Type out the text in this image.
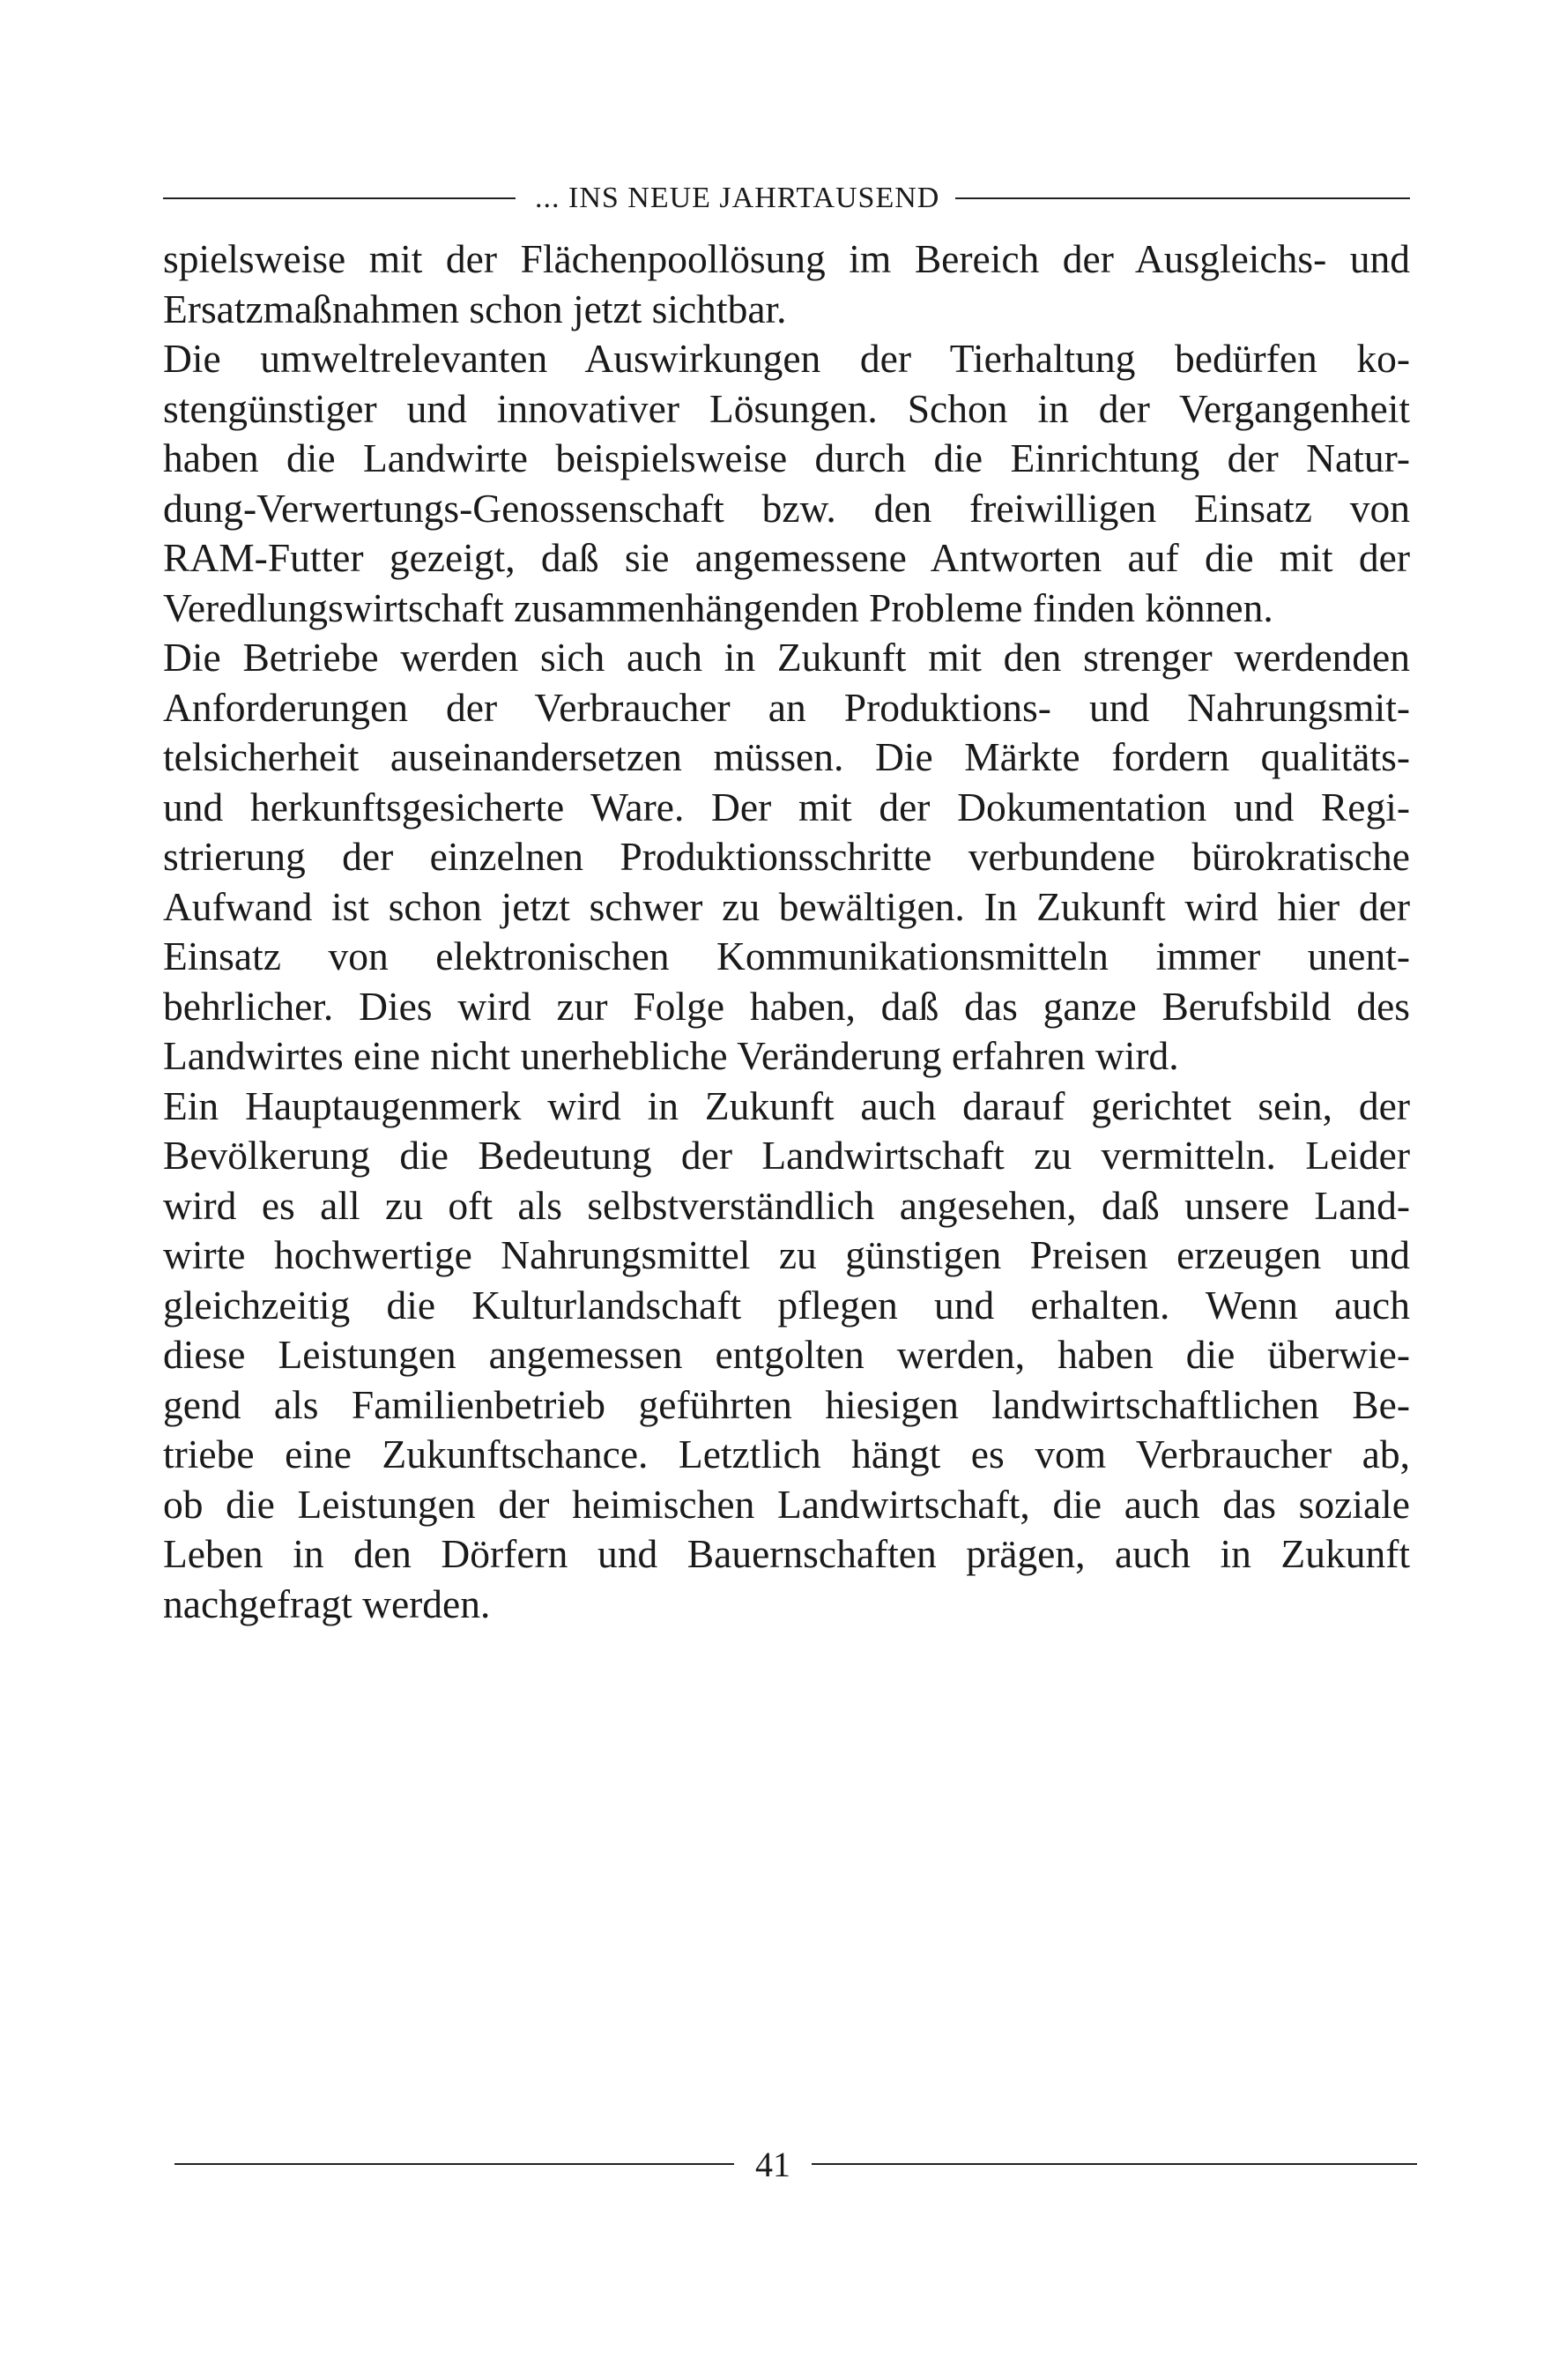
... INS NEUE JAHRTAUSEND
spielsweise mit der Flächenpoollösung im Bereich der Ausgleichs- und
Ersatzmaßnahmen schon jetzt sichtbar.
Die umweltrelevanten Auswirkungen der Tierhaltung bedürfen ko-
stengünstiger und innovativer Lösungen. Schon in der Vergangenheit
haben die Landwirte beispielsweise durch die Einrichtung der Natur-
dung-Verwertungs-Genossenschaft bzw. den freiwilligen Einsatz von
RAM-Futter gezeigt, daß sie angemessene Antworten auf die mit der
Veredlungswirtschaft zusammenhängenden Probleme finden können.
Die Betriebe werden sich auch in Zukunft mit den strenger werdenden
Anforderungen der Verbraucher an Produktions- und Nahrungsmit-
telsicherheit auseinandersetzen müssen. Die Märkte fordern qualitäts-
und herkunftsgesicherte Ware. Der mit der Dokumentation und Regi-
strierung der einzelnen Produktionsschritte verbundene bürokratische
Aufwand ist schon jetzt schwer zu bewältigen. In Zukunft wird hier der
Einsatz von elektronischen Kommunikationsmitteln immer unent-
behrlicher. Dies wird zur Folge haben, daß das ganze Berufsbild des
Landwirtes eine nicht unerhebliche Veränderung erfahren wird.
Ein Hauptaugenmerk wird in Zukunft auch darauf gerichtet sein, der
Bevölkerung die Bedeutung der Landwirtschaft zu vermitteln. Leider
wird es all zu oft als selbstverständlich angesehen, daß unsere Land-
wirte hochwertige Nahrungsmittel zu günstigen Preisen erzeugen und
gleichzeitig die Kulturlandschaft pflegen und erhalten. Wenn auch
diese Leistungen angemessen entgolten werden, haben die überwie-
gend als Familienbetrieb geführten hiesigen landwirtschaftlichen Be-
triebe eine Zukunftschance. Letztlich hängt es vom Verbraucher ab,
ob die Leistungen der heimischen Landwirtschaft, die auch das soziale
Leben in den Dörfern und Bauernschaften prägen, auch in Zukunft
nachgefragt werden.
41
